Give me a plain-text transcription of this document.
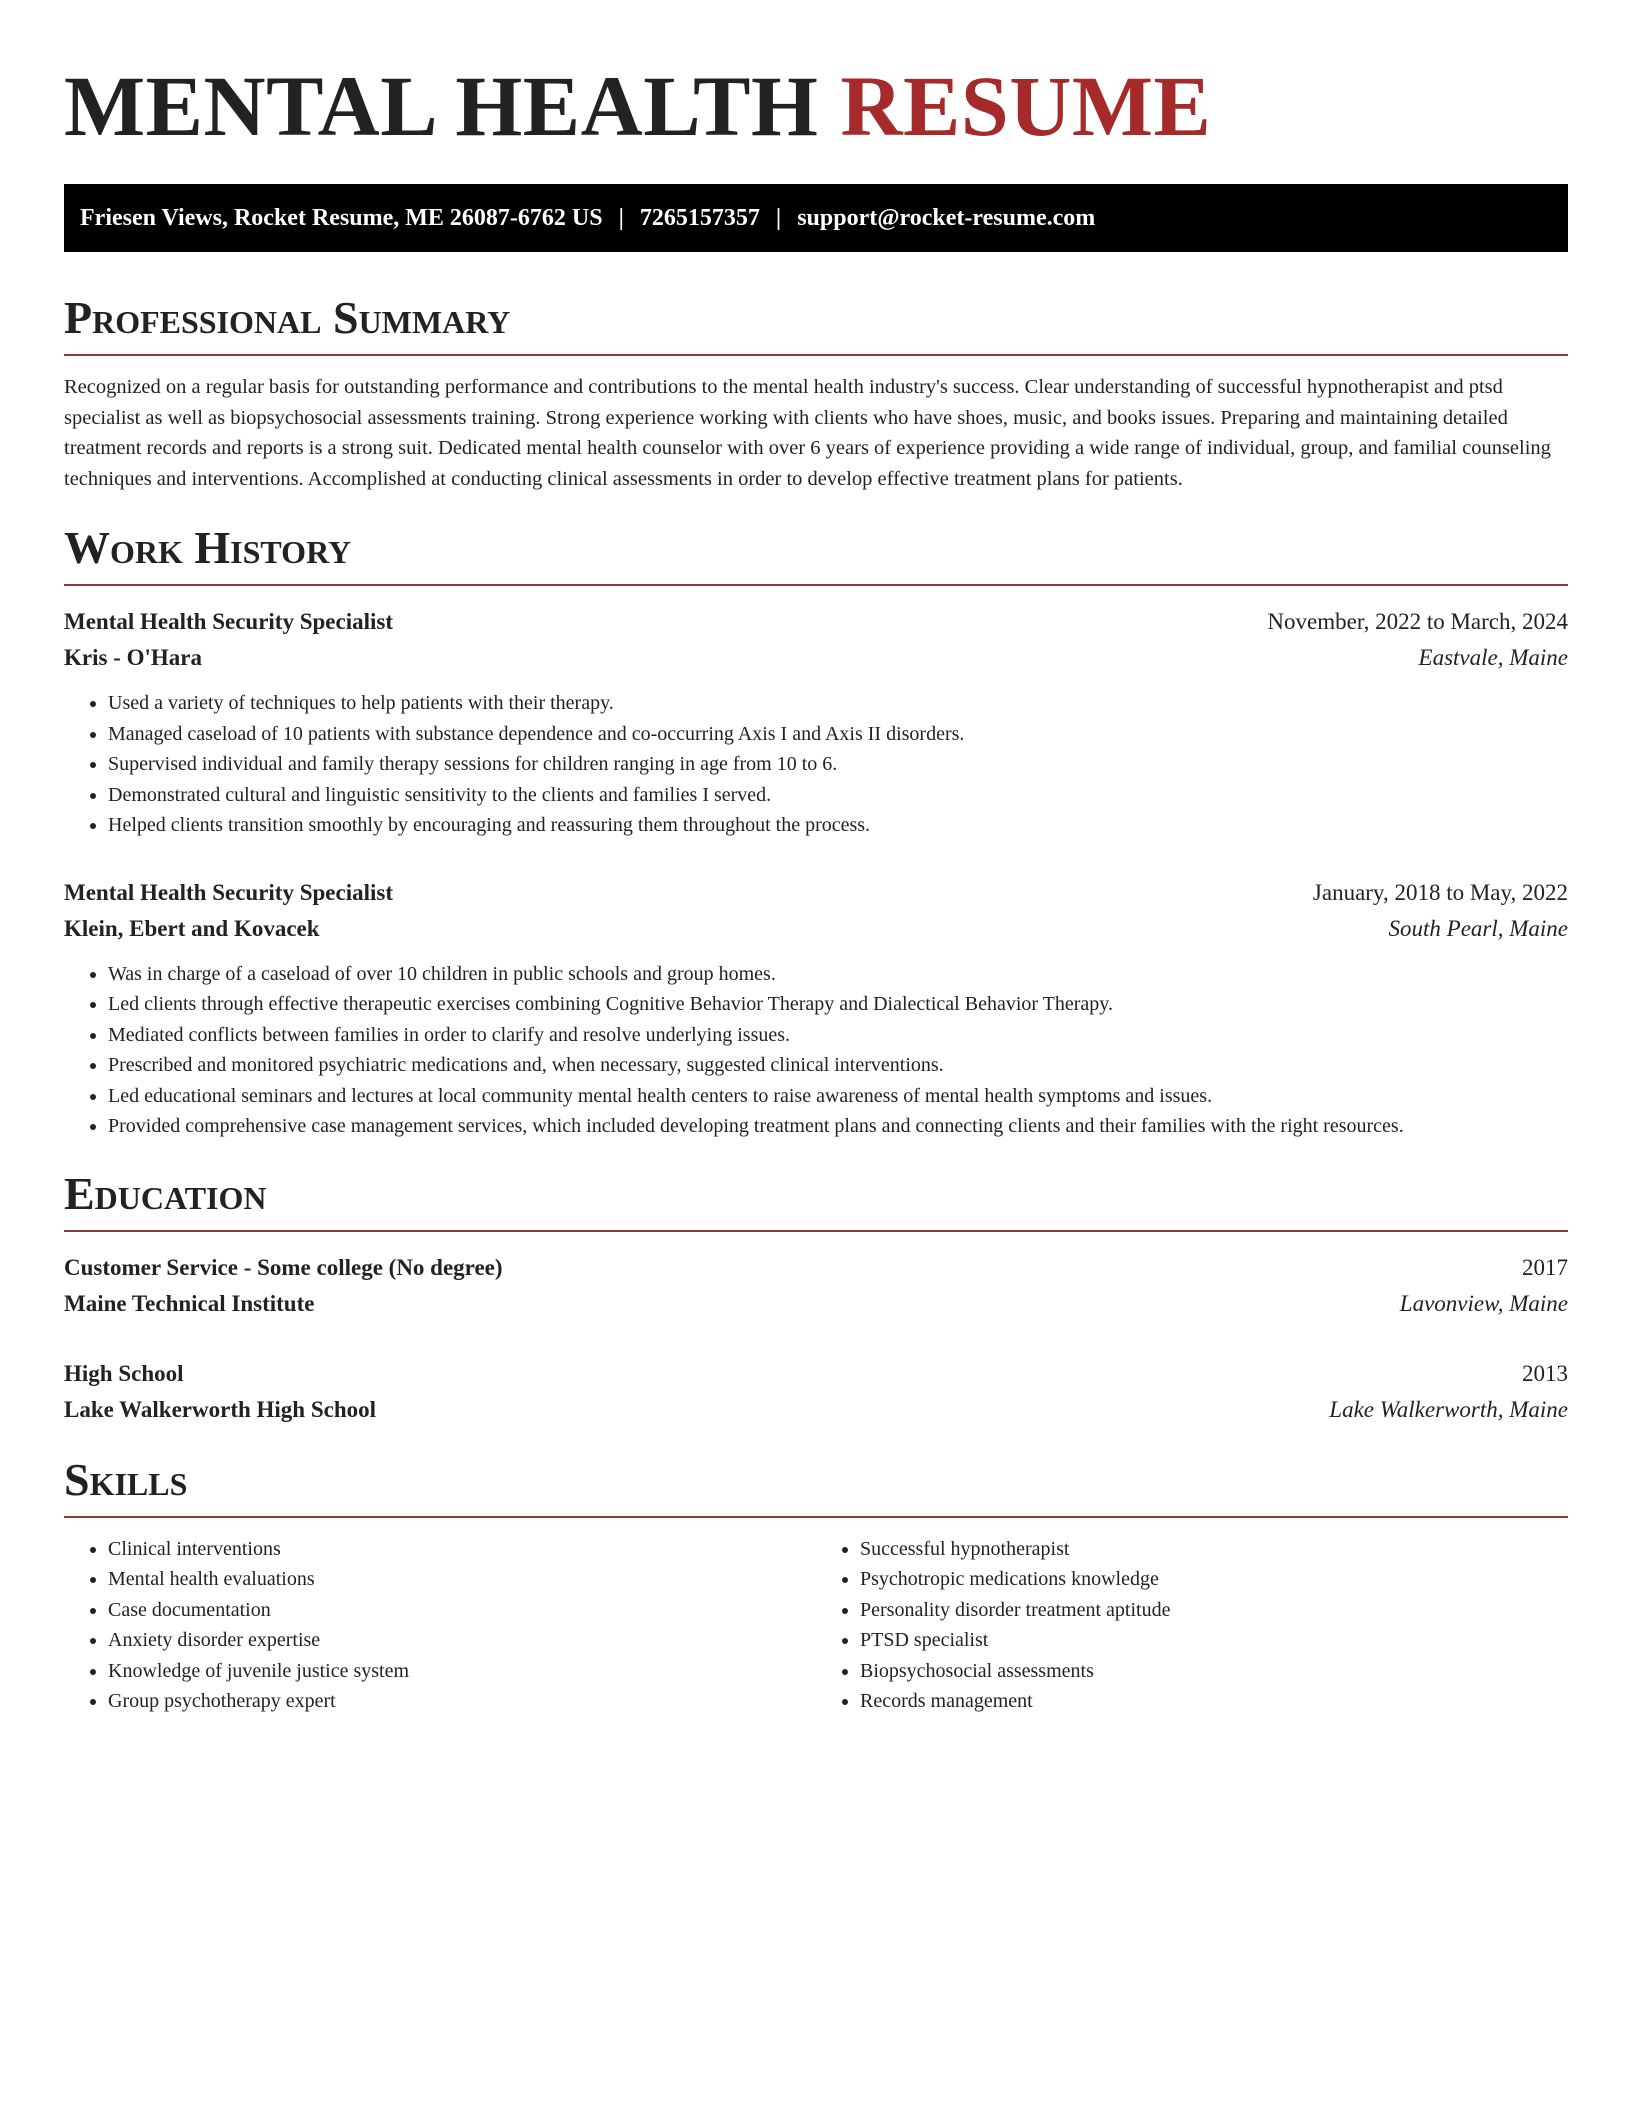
MENTAL HEALTH RESUME
Friesen Views, Rocket Resume, ME 26087-6762 US | 7265157357 | support@rocket-resume.com
Professional Summary

Recognized on a regular basis for outstanding performance and contributions to the mental health industry's success. Clear understanding of successful hypnotherapist and ptsd specialist as well as biopsychosocial assessments training. Strong experience working with clients who have shoes, music, and books issues. Preparing and maintaining detailed treatment records and reports is a strong suit. Dedicated mental health counselor with over 6 years of experience providing a wide range of individual, group, and familial counseling techniques and interventions. Accomplished at conducting clinical assessments in order to develop effective treatment plans for patients.

Work History
Mental Health Security Specialist	November, 2022 to March, 2024
Kris - O'Hara	Eastvale, Maine
• Used a variety of techniques to help patients with their therapy.
• Managed caseload of 10 patients with substance dependence and co-occurring Axis I and Axis II disorders.
• Supervised individual and family therapy sessions for children ranging in age from 10 to 6.
• Demonstrated cultural and linguistic sensitivity to the clients and families I served.
• Helped clients transition smoothly by encouraging and reassuring them throughout the process.
Mental Health Security Specialist	January, 2018 to May, 2022
Klein, Ebert and Kovacek	South Pearl, Maine
• Was in charge of a caseload of over 10 children in public schools and group homes.
• Led clients through effective therapeutic exercises combining Cognitive Behavior Therapy and Dialectical Behavior Therapy.
• Mediated conflicts between families in order to clarify and resolve underlying issues.
• Prescribed and monitored psychiatric medications and, when necessary, suggested clinical interventions.
• Led educational seminars and lectures at local community mental health centers to raise awareness of mental health symptoms and issues.
• Provided comprehensive case management services, which included developing treatment plans and connecting clients and their families with the right resources.
Education
Customer Service - Some college (No degree)	2017
Maine Technical Institute	Lavonview, Maine
High School	2013
Lake Walkerworth High School	Lake Walkerworth, Maine
Skills
• Clinical interventions
• Mental health evaluations
• Case documentation
• Anxiety disorder expertise
• Knowledge of juvenile justice system
• Group psychotherapy expert
• Successful hypnotherapist
• Psychotropic medications knowledge
• Personality disorder treatment aptitude
• PTSD specialist
• Biopsychosocial assessments
• Records management
